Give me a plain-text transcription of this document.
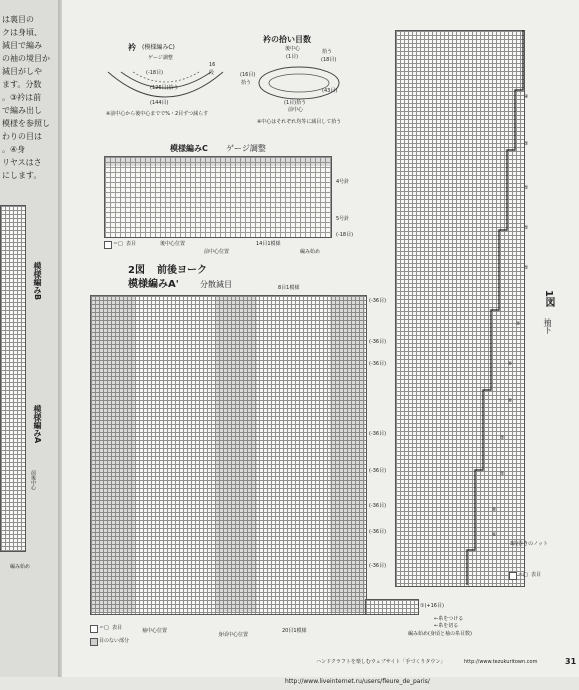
は裏目の
クは身頃、
減目で編み
の袖の境目か
減目がしや
ます。分数
。③衿は前
で編み出し
模様を参照し
わりの目は
。④身
リヤスはさ
にします。
模様編みB
模様編みA
前後中心
編み始め
衿 (模様編みC)
ゲージ調整
(-18目)
(126目)拾う
(144目)
16
段
※前中心から後中心までで%・2目ずつ減らす
衿の拾い目数
後中心
(1目)
拾う
(18目)
(16目)
拾う
(43目)
(1目)拾う
前中心
※中心はそれぞれ均等に減目して拾う
模様編みC ゲージ調整
4号針
5号針
(-18目)
＝□ 表目	後中心位置
前中心位置
14目1模様
編み始め
2図 前後ヨーク
模様編みA'	分散減目	8目1模様
(-36目)
(-36目)
(-36目)
(-36目)
(-36目)
(-36目)
(-36目)
(-36目)
①(+16目)
＝□ 表目
目のない部分
袖中心位置
身頃中心位置
20目1模様
←糸をつける
←糸を切る
編み始め(身頃と袖の糸目数)
1図
袖下
④
⑤
⑤
⑤
⑤
⑤
⑥
⑥
⑤
⑤
⑥
⑥
3段巻きのノット
＝□ 表目
ハンドクラフトを楽しむウェブサイト「手づくりタウン」	http://www.tezukuritown.com	31
http://www.liveinternet.ru/users/fleure_de_paris/
